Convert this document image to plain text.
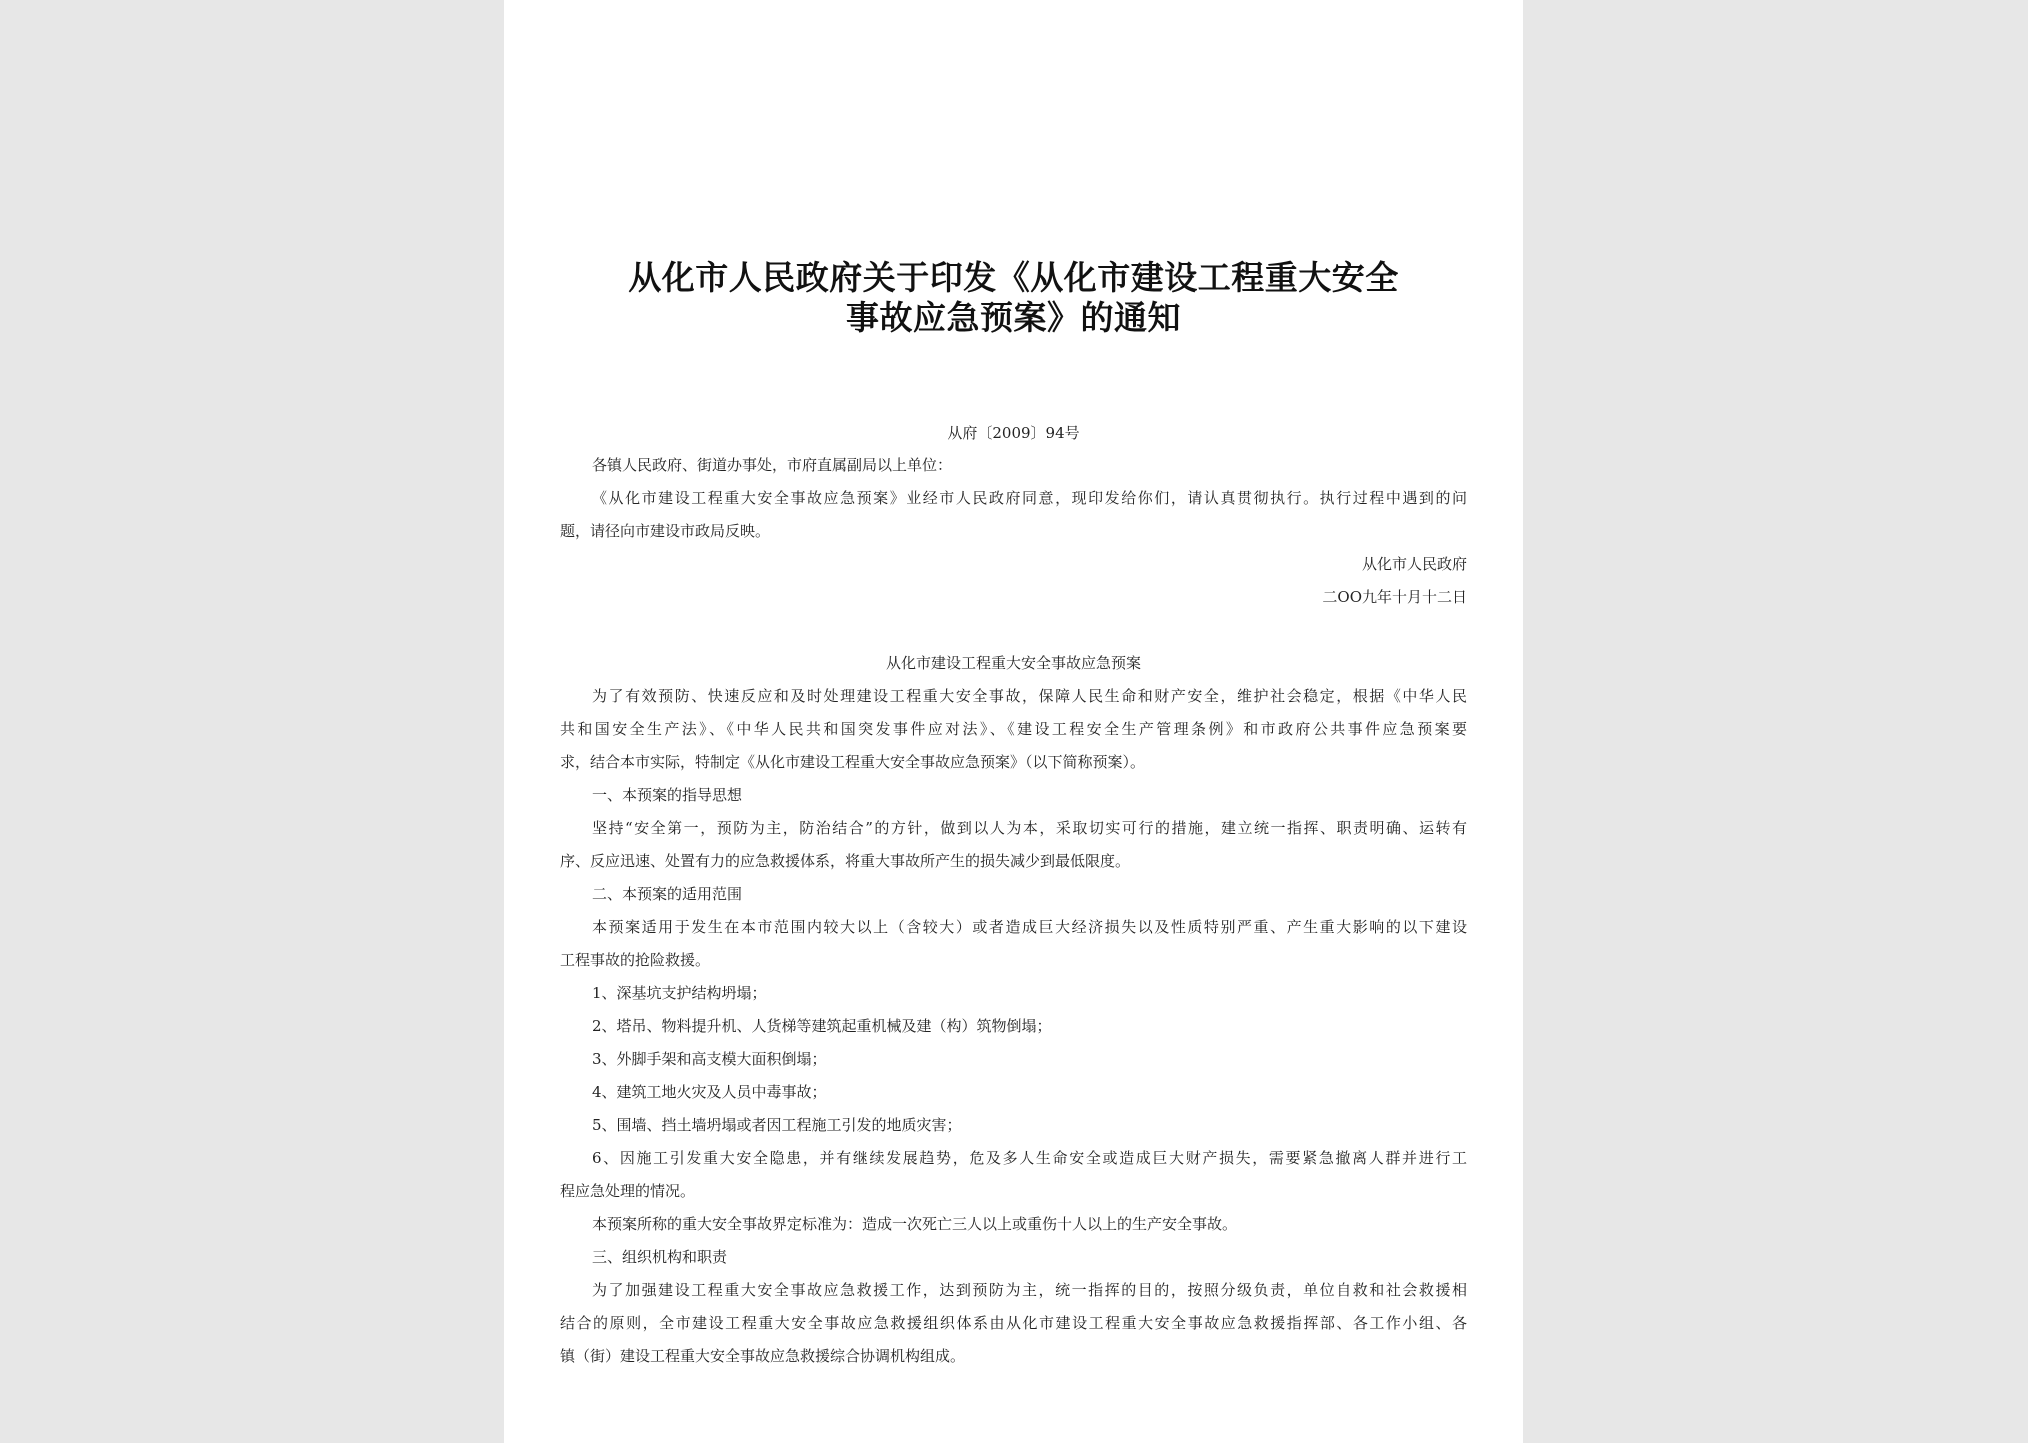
从化市人民政府关于印发《从化市建设工程重大安全
事故应急预案》的通知
从府〔2009〕94号
各镇人民政府、街道办事处，市府直属副局以上单位：
《从化市建设工程重大安全事故应急预案》业经市人民政府同意，现印发给你们，请认真贯彻执行。执行过程中遇到的问
题，请径向市建设市政局反映。
从化市人民政府
二OO九年十月十二日
从化市建设工程重大安全事故应急预案
为了有效预防、快速反应和及时处理建设工程重大安全事故，保障人民生命和财产安全，维护社会稳定，根据《中华人民
共和国安全生产法》、《中华人民共和国突发事件应对法》、《建设工程安全生产管理条例》和市政府公共事件应急预案要
求，结合本市实际，特制定《从化市建设工程重大安全事故应急预案》（以下简称预案）。
一、本预案的指导思想
坚持“安全第一，预防为主，防治结合”的方针，做到以人为本，采取切实可行的措施，建立统一指挥、职责明确、运转有
序、反应迅速、处置有力的应急救援体系，将重大事故所产生的损失减少到最低限度。
二、本预案的适用范围
本预案适用于发生在本市范围内较大以上（含较大）或者造成巨大经济损失以及性质特别严重、产生重大影响的以下建设
工程事故的抢险救援。
1、深基坑支护结构坍塌；
2、塔吊、物料提升机、人货梯等建筑起重机械及建（构）筑物倒塌；
3、外脚手架和高支模大面积倒塌；
4、建筑工地火灾及人员中毒事故；
5、围墙、挡土墙坍塌或者因工程施工引发的地质灾害；
6、因施工引发重大安全隐患，并有继续发展趋势，危及多人生命安全或造成巨大财产损失，需要紧急撤离人群并进行工
程应急处理的情况。
本预案所称的重大安全事故界定标准为：造成一次死亡三人以上或重伤十人以上的生产安全事故。
三、组织机构和职责
为了加强建设工程重大安全事故应急救援工作，达到预防为主，统一指挥的目的，按照分级负责，单位自救和社会救援相
结合的原则，全市建设工程重大安全事故应急救援组织体系由从化市建设工程重大安全事故应急救援指挥部、各工作小组、各
镇（街）建设工程重大安全事故应急救援综合协调机构组成。
